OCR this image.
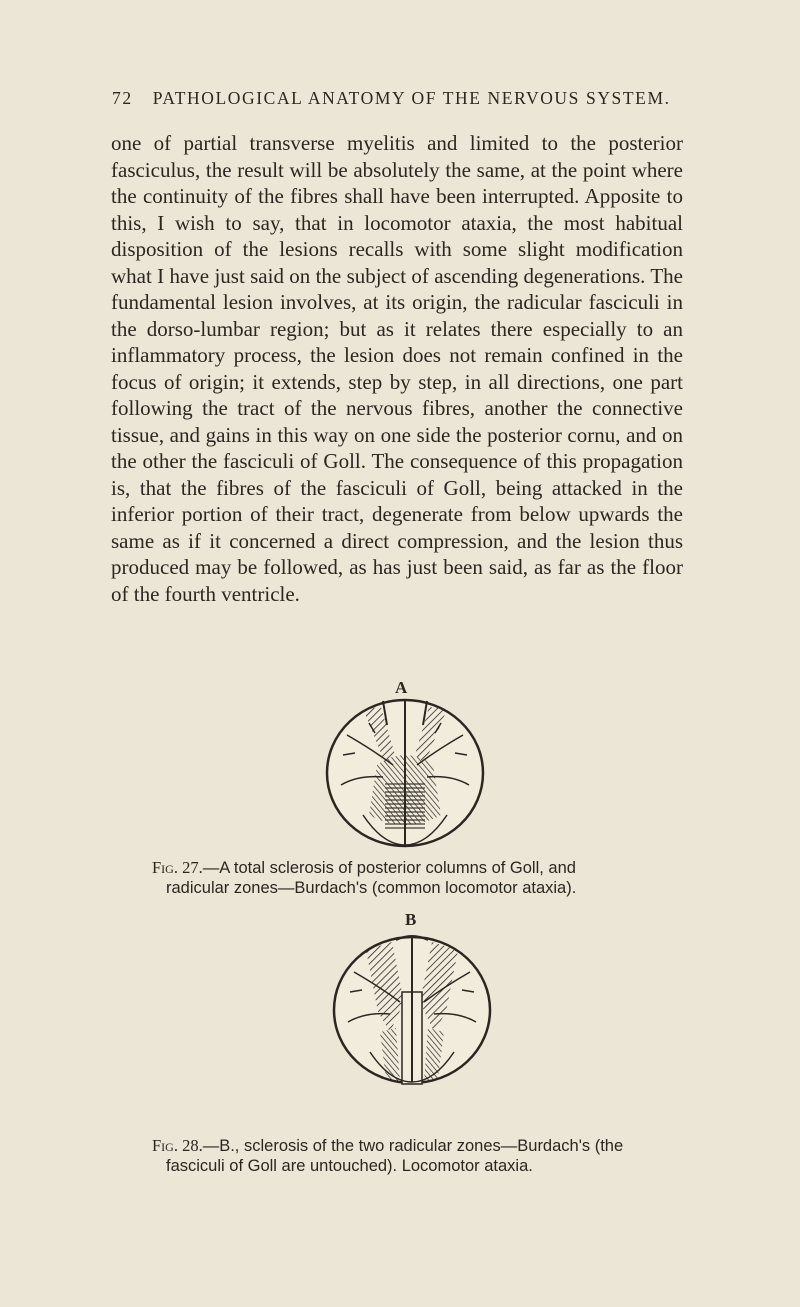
72 PATHOLOGICAL ANATOMY OF THE NERVOUS SYSTEM.

one of partial transverse myelitis and limited to the posterior fasciculus, the result will be absolutely the same, at the point where the continuity of the fibres shall have been interrupted. Apposite to this, I wish to say, that in locomotor ataxia, the most habitual disposition of the lesions recalls with some slight modification what I have just said on the subject of ascending degenerations. The fundamental lesion involves, at its origin, the radicular fasciculi in the dorso-lumbar region; but as it relates there especially to an inflammatory process, the lesion does not remain confined in the focus of origin; it extends, step by step, in all directions, one part following the tract of the nervous fibres, another the connective tissue, and gains in this way on one side the posterior cornu, and on the other the fasciculi of Goll. The consequence of this propagation is, that the fibres of the fasciculi of Goll, being attacked in the inferior portion of their tract, degenerate from below upwards the same as if it concerned a direct compression, and the lesion thus produced may be followed, as has just been said, as far as the floor of the fourth ventricle.

A

Fig. 27.—A total sclerosis of posterior columns of Goll, and
radicular zones—Burdach's (common locomotor ataxia).

B

Fig. 28.—B., sclerosis of the two radicular zones—Burdach's (the
fasciculi of Goll are untouched). Locomotor ataxia.
